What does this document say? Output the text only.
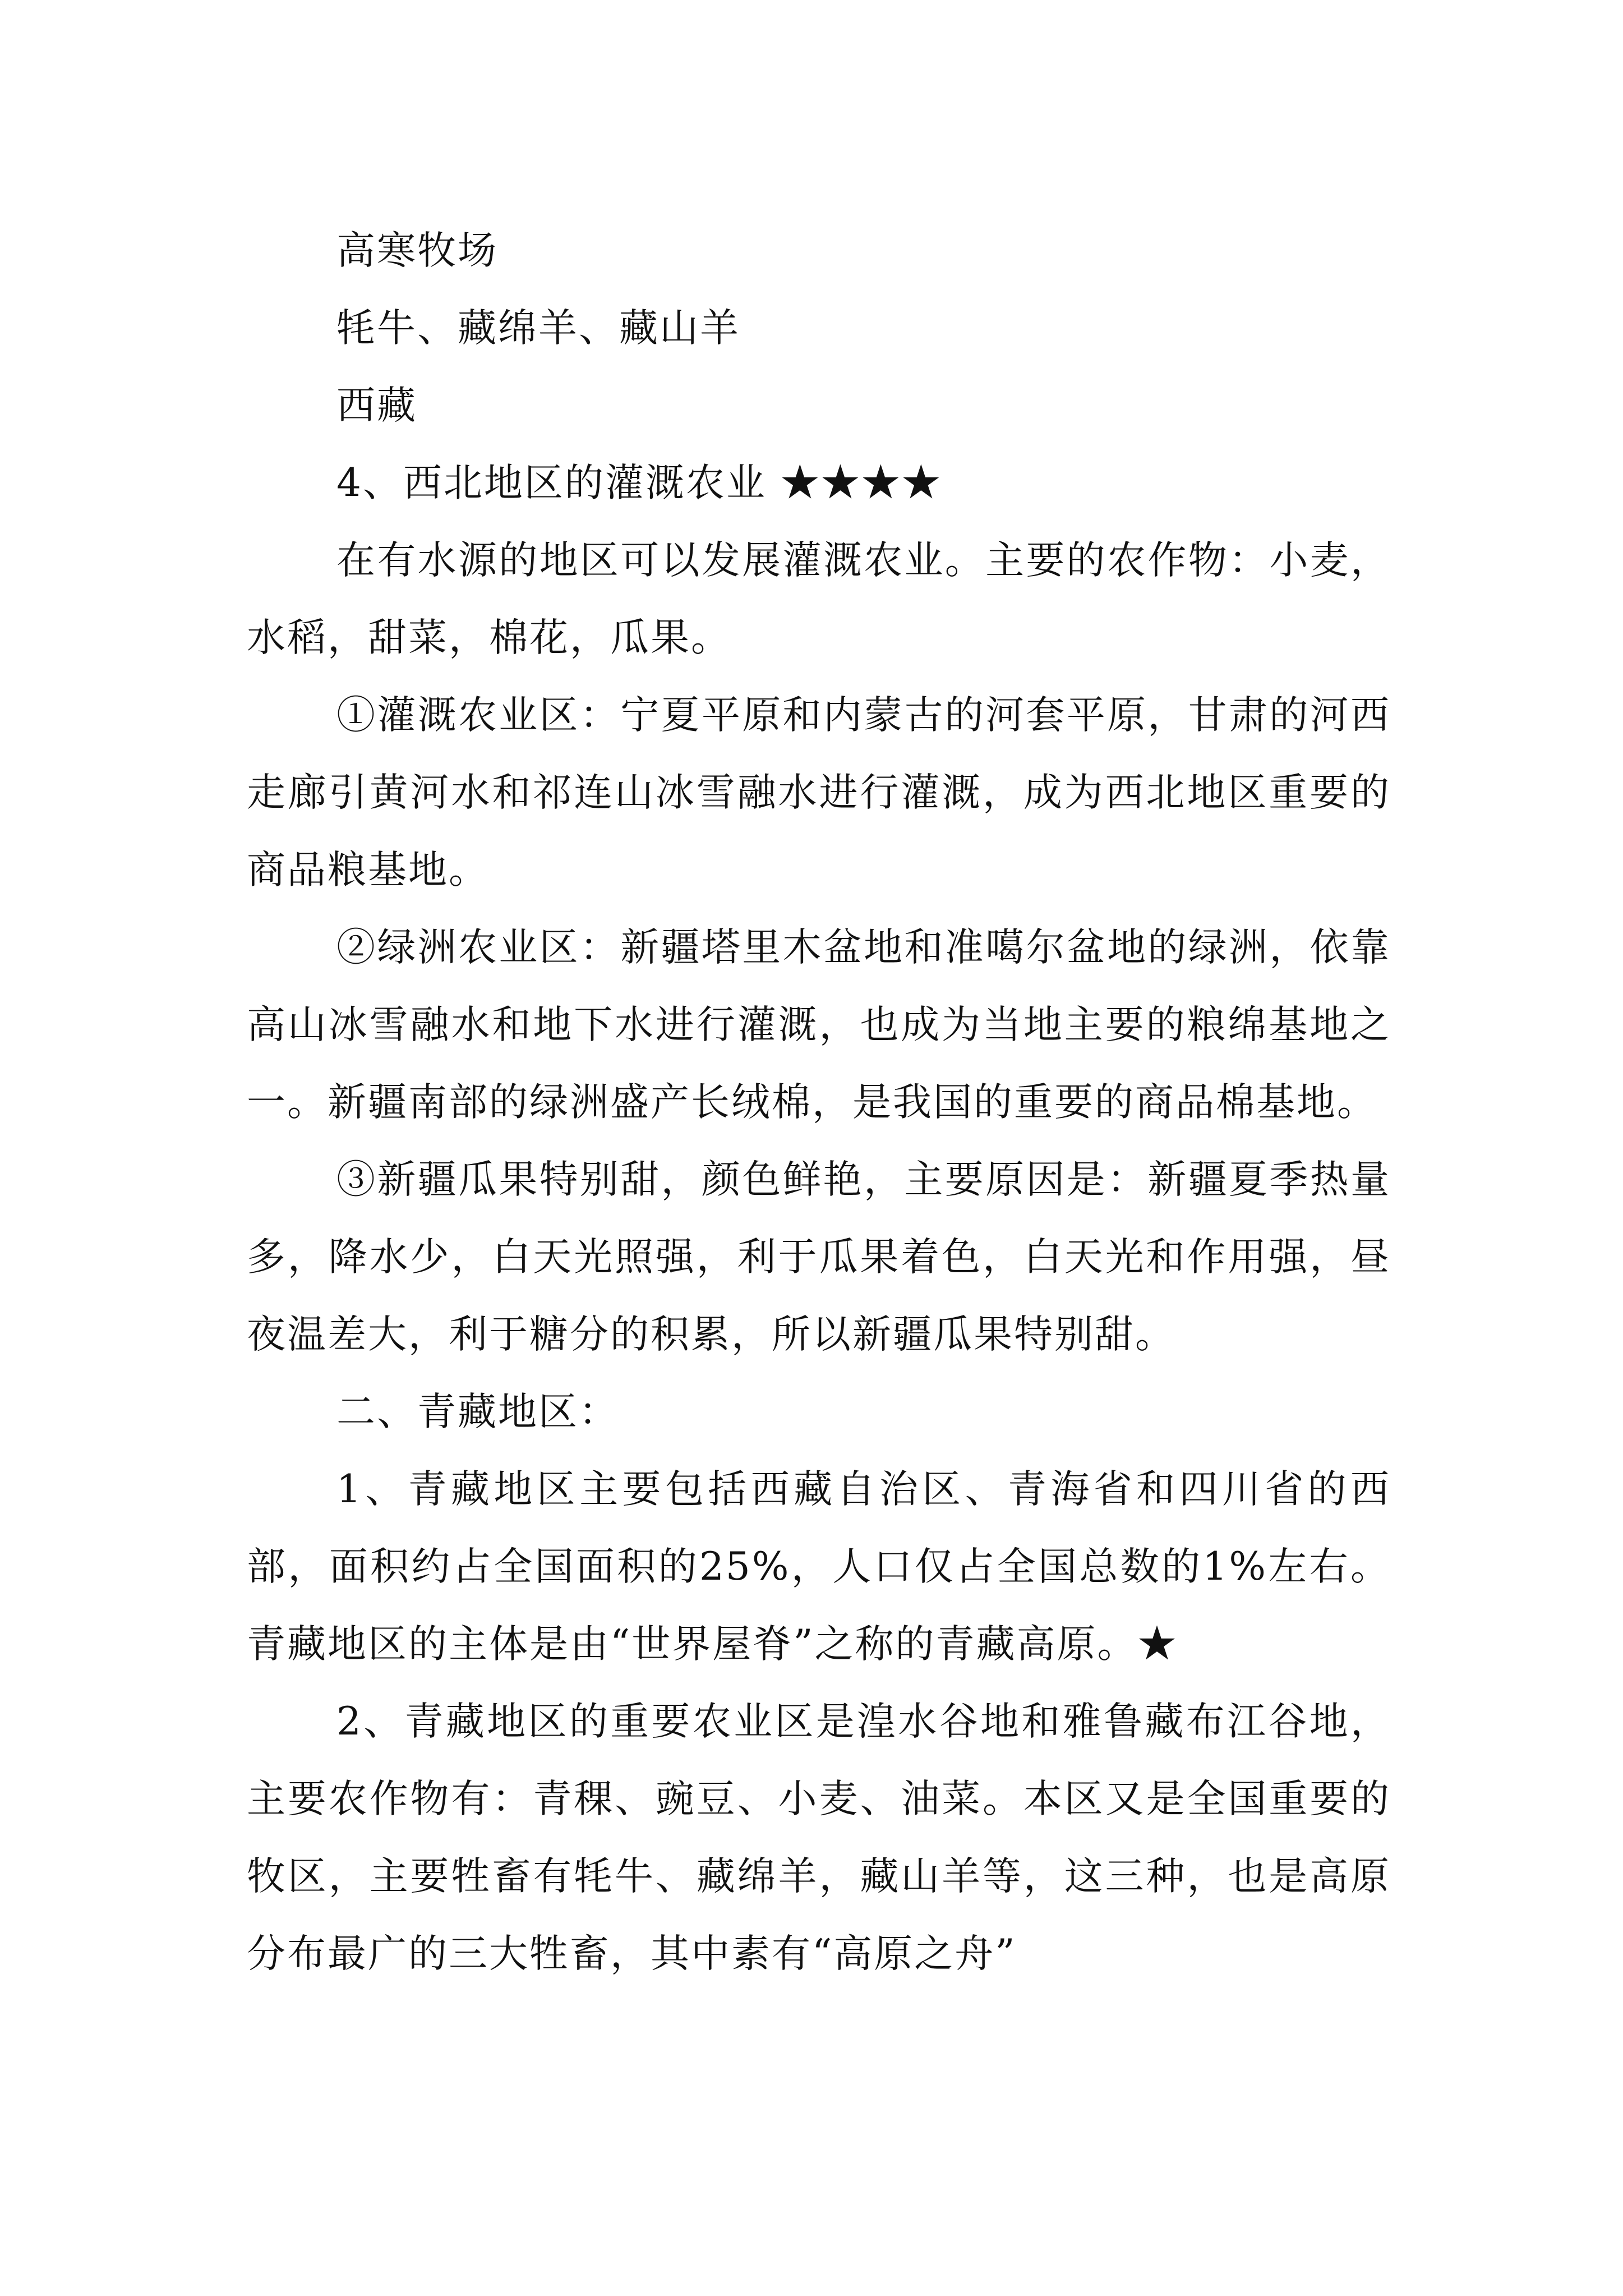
高寒牧场
牦牛、藏绵羊、藏山羊
西藏
4、西北地区的灌溉农业 ★★★★

在有水源的地区可以发展灌溉农业。主要的农作物：小麦，水稻，甜菜，棉花，瓜果。

①灌溉农业区：宁夏平原和内蒙古的河套平原，甘肃的河西走廊引黄河水和祁连山冰雪融水进行灌溉，成为西北地区重要的商品粮基地。

②绿洲农业区：新疆塔里木盆地和准噶尔盆地的绿洲，依靠高山冰雪融水和地下水进行灌溉，也成为当地主要的粮绵基地之一。新疆南部的绿洲盛产长绒棉，是我国的重要的商品棉基地。

③新疆瓜果特别甜，颜色鲜艳，主要原因是：新疆夏季热量多，降水少，白天光照强，利于瓜果着色，白天光和作用强，昼夜温差大，利于糖分的积累，所以新疆瓜果特别甜。

二、青藏地区：

1、青藏地区主要包括西藏自治区、青海省和四川省的西部，面积约占全国面积的25%，人口仅占全国总数的1%左右。青藏地区的主体是由“世界屋脊”之称的青藏高原。★

2、青藏地区的重要农业区是湟水谷地和雅鲁藏布江谷地，主要农作物有：青稞、豌豆、小麦、油菜。本区又是全国重要的牧区，主要牲畜有牦牛、藏绵羊，藏山羊等，这三种，也是高原分布最广的三大牲畜，其中素有“高原之舟”
